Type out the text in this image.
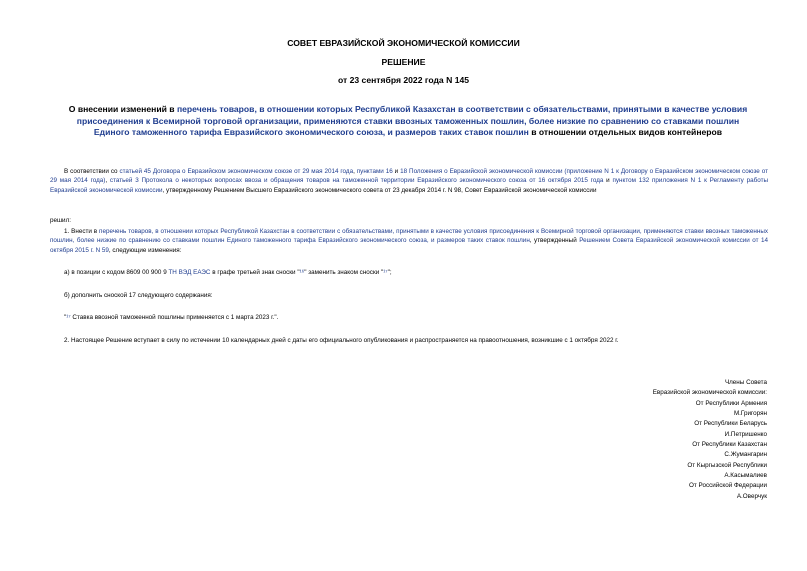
СОВЕТ ЕВРАЗИЙСКОЙ ЭКОНОМИЧЕСКОЙ КОМИССИИ

РЕШЕНИЕ

от 23 сентября 2022 года N 145

О внесении изменений в перечень товаров, в отношении которых Республикой Казахстан в соответствии с обязательствами, принятыми в качестве условия присоединения к Всемирной торговой организации, применяются ставки ввозных таможенных пошлин, более низкие по сравнению со ставками пошлин Единого таможенного тарифа Евразийского экономического союза, и размеров таких ставок пошлин в отношении отдельных видов контейнеров

В соответствии со статьей 45 Договора о Евразийском экономическом союзе от 29 мая 2014 года, пунктами 16 и 18 Положения о Евразийской экономической комиссии (приложение N 1 к Договору о Евразийском экономическом союзе от 29 мая 2014 года), статьей 3 Протокола о некоторых вопросах ввоза и обращения товаров на таможенной территории Евразийского экономического союза от 16 октября 2015 года и пунктом 132 приложения N 1 к Регламенту работы Евразийской экономической комиссии, утвержденному Решением Высшего Евразийского экономического совета от 23 декабря 2014 г. N 98, Совет Евразийской экономической комиссии

решил:

1. Внести в перечень товаров, в отношении которых Республикой Казахстан в соответствии с обязательствами, принятыми в качестве условия присоединения к Всемирной торговой организации, применяются ставки ввозных таможенных пошлин, более низкие по сравнению со ставками пошлин Единого таможенного тарифа Евразийского экономического союза, и размеров таких ставок пошлин, утвержденный Решением Совета Евразийской экономической комиссии от 14 октября 2015 г. N 59, следующие изменения:

а) в позиции с кодом 8609 00 900 9 ТН ВЭД ЕАЭС в графе третьей знак сноски "¹⁶" заменить знаком сноски "¹⁷";

б) дополнить сноской 17 следующего содержания:

"¹⁷ Ставка ввозной таможенной пошлины применяется с 1 марта 2023 г.".

2. Настоящее Решение вступает в силу по истечении 10 календарных дней с даты его официального опубликования и распространяется на правоотношения, возникшие с 1 октября 2022 г.

Члены Совета
Евразийской экономической комиссии:
От Республики Армения
М.Григорян
От Республики Беларусь
И.Петришенко
От Республики Казахстан
С.Жумангарин
От Кыргызской Республики
А.Касымалиев
От Российской Федерации
А.Оверчук
